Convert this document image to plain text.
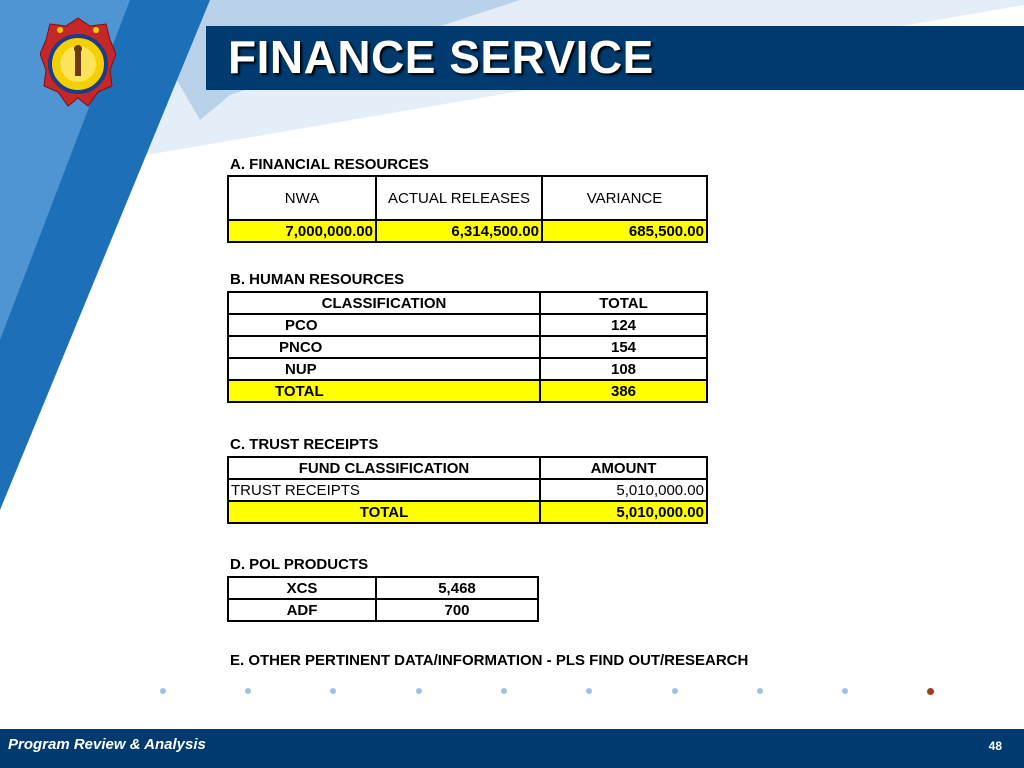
FINANCE SERVICE
A. FINANCIAL RESOURCES
NWA	ACTUAL RELEASES	VARIANCE
7,000,000.00	6,314,500.00	685,500.00
B. HUMAN RESOURCES
CLASSIFICATION	TOTAL
PCO	124
PNCO	154
NUP	108
TOTAL	386
C. TRUST RECEIPTS
FUND CLASSIFICATION	AMOUNT
TRUST RECEIPTS	5,010,000.00
TOTAL	5,010,000.00
D. POL PRODUCTS
XCS	5,468
ADF	700
E. OTHER PERTINENT DATA/INFORMATION - PLS FIND OUT/RESEARCH
Program Review & Analysis	48
